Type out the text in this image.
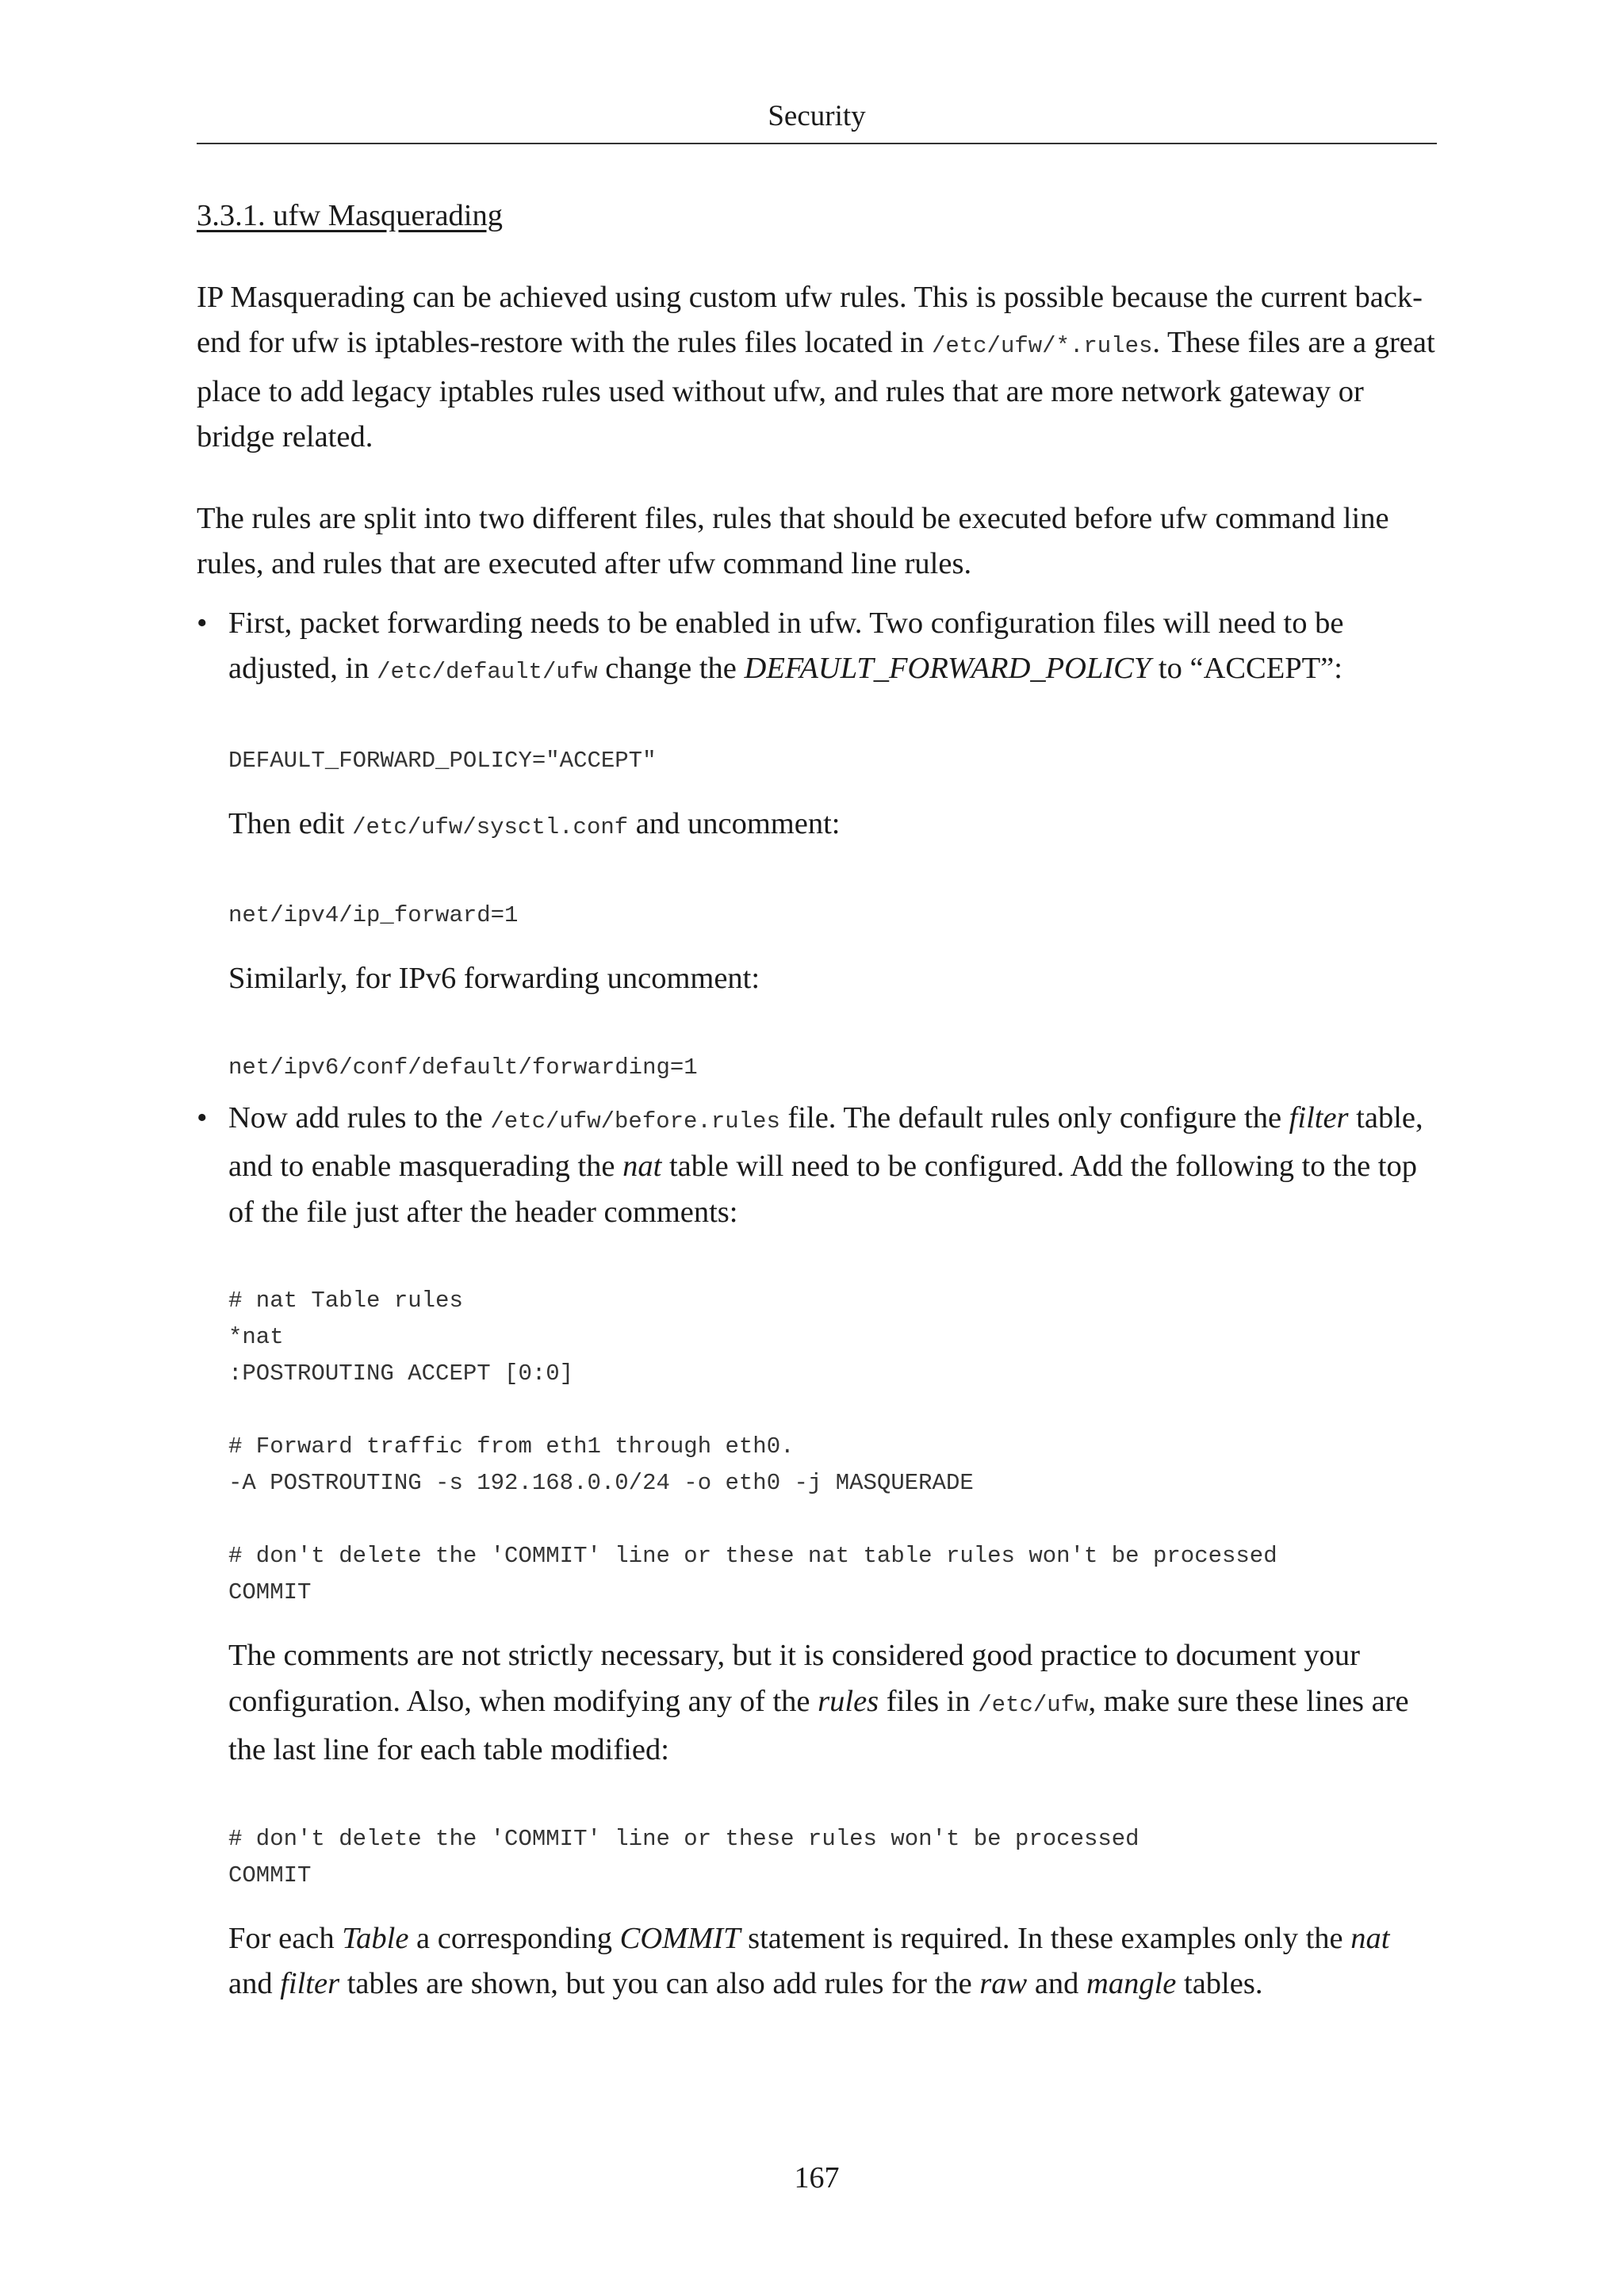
Security

3.3.1. ufw Masquerading

IP Masquerading can be achieved using custom ufw rules. This is possible because the current back-end for ufw is iptables-restore with the rules files located in /etc/ufw/*.rules. These files are a great place to add legacy iptables rules used without ufw, and rules that are more network gateway or bridge related.

The rules are split into two different files, rules that should be executed before ufw command line rules, and rules that are executed after ufw command line rules.

• First, packet forwarding needs to be enabled in ufw. Two configuration files will need to be adjusted, in /etc/default/ufw change the DEFAULT_FORWARD_POLICY to “ACCEPT”:

DEFAULT_FORWARD_POLICY="ACCEPT"

Then edit /etc/ufw/sysctl.conf and uncomment:

net/ipv4/ip_forward=1

Similarly, for IPv6 forwarding uncomment:

net/ipv6/conf/default/forwarding=1
• Now add rules to the /etc/ufw/before.rules file. The default rules only configure the filter table, and to enable masquerading the nat table will need to be configured. Add the following to the top of the file just after the header comments:

# nat Table rules
*nat
:POSTROUTING ACCEPT [0:0]

# Forward traffic from eth1 through eth0.
-A POSTROUTING -s 192.168.0.0/24 -o eth0 -j MASQUERADE

# don't delete the 'COMMIT' line or these nat table rules won't be processed
COMMIT

The comments are not strictly necessary, but it is considered good practice to document your configuration. Also, when modifying any of the rules files in /etc/ufw, make sure these lines are the last line for each table modified:

# don't delete the 'COMMIT' line or these rules won't be processed
COMMIT

For each Table a corresponding COMMIT statement is required. In these examples only the nat and filter tables are shown, but you can also add rules for the raw and mangle tables.

167
